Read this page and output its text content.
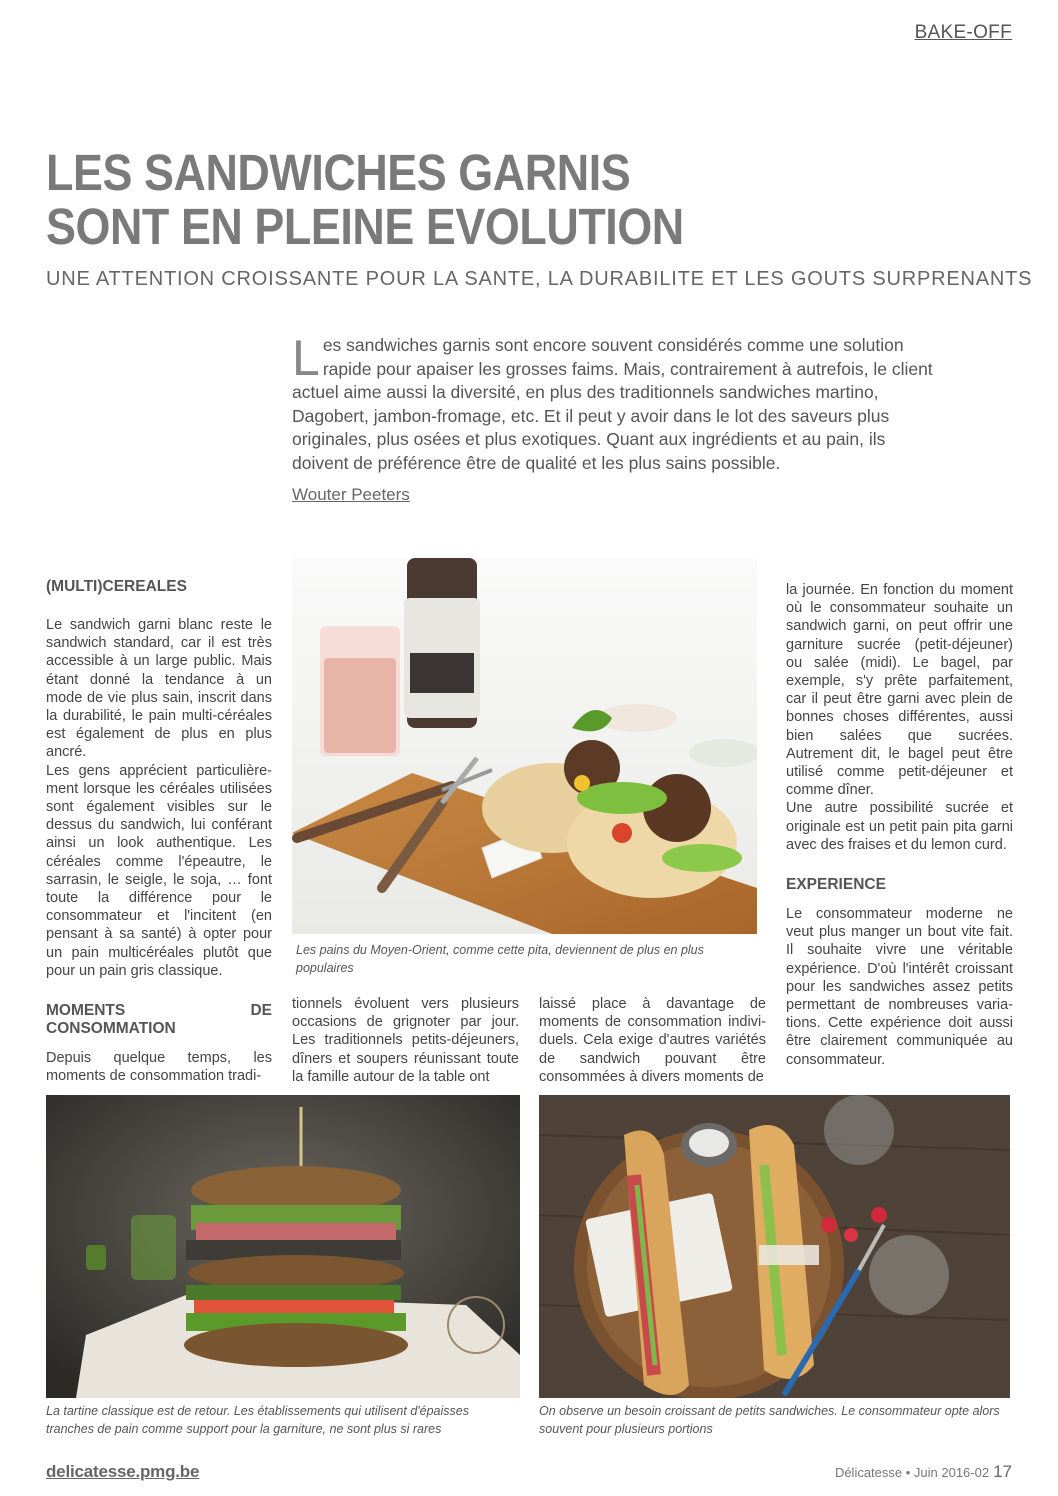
BAKE-OFF
LES SANDWICHES GARNIS
SONT EN PLEINE EVOLUTION
UNE ATTENTION CROISSANTE POUR LA SANTE, LA DURABILITE ET LES GOUTS SURPRENANTS
Les sandwiches garnis sont encore souvent considérés comme une solution rapide pour apaiser les grosses faims. Mais, contrairement à autrefois, le client actuel aime aussi la diversité, en plus des traditionnels sandwiches martino, Dagobert, jambon-fromage, etc. Et il peut y avoir dans le lot des saveurs plus originales, plus osées et plus exotiques. Quant aux ingrédients et au pain, ils doivent de préférence être de qualité et les plus sains possible.
Wouter Peeters
(MULTI)CEREALES

Le sandwich garni blanc reste le sandwich standard, car il est très accessible à un large public. Mais étant donné la tendance à un mode de vie plus sain, inscrit dans la durabilité, le pain multi-céréales est également de plus en plus ancré.

Les gens apprécient particulière-ment lorsque les céréales utilisées sont également visibles sur le dessus du sandwich, lui conférant ainsi un look authentique. Les céréales comme l'épeautre, le sarrasin, le seigle, le soja, … font toute la différence pour le consommateur et l'incitent (en pensant à sa santé) à opter pour un pain multicéréales plutôt que pour un pain gris classique.

MOMENTS DE CONSOMMATION

Depuis quelque temps, les moments de consommation tradi-

Les pains du Moyen-Orient, comme cette pita, deviennent de plus en plus populaires

tionnels évoluent vers plusieurs occasions de grignoter par jour. Les traditionnels petits-déjeuners, dîners et soupers réunissant toute la famille autour de la table ont

laissé place à davantage de moments de consommation indivi-duels. Cela exige d'autres variétés de sandwich pouvant être consommées à divers moments de

la journée. En fonction du moment où le consommateur souhaite un sandwich garni, on peut offrir une garniture sucrée (petit-déjeuner) ou salée (midi). Le bagel, par exemple, s'y prête parfaitement, car il peut être garni avec plein de bonnes choses différentes, aussi bien salées que sucrées. Autrement dit, le bagel peut être utilisé comme petit-déjeuner et comme dîner.

Une autre possibilité sucrée et originale est un petit pain pita garni avec des fraises et du lemon curd.

EXPERIENCE

Le consommateur moderne ne veut plus manger un bout vite fait. Il souhaite vivre une véritable expérience. D'où l'intérêt croissant pour les sandwiches assez petits permettant de nombreuses varia-tions. Cette expérience doit aussi être clairement communiquée au consommateur.

La tartine classique est de retour. Les établissements qui utilisent d'épaisses tranches de pain comme support pour la garniture, ne sont plus si rares
On observe un besoin croissant de petits sandwiches. Le consommateur opte alors souvent pour plusieurs portions
delicatesse.pmg.be	Délicatesse • Juin 2016-02 17
